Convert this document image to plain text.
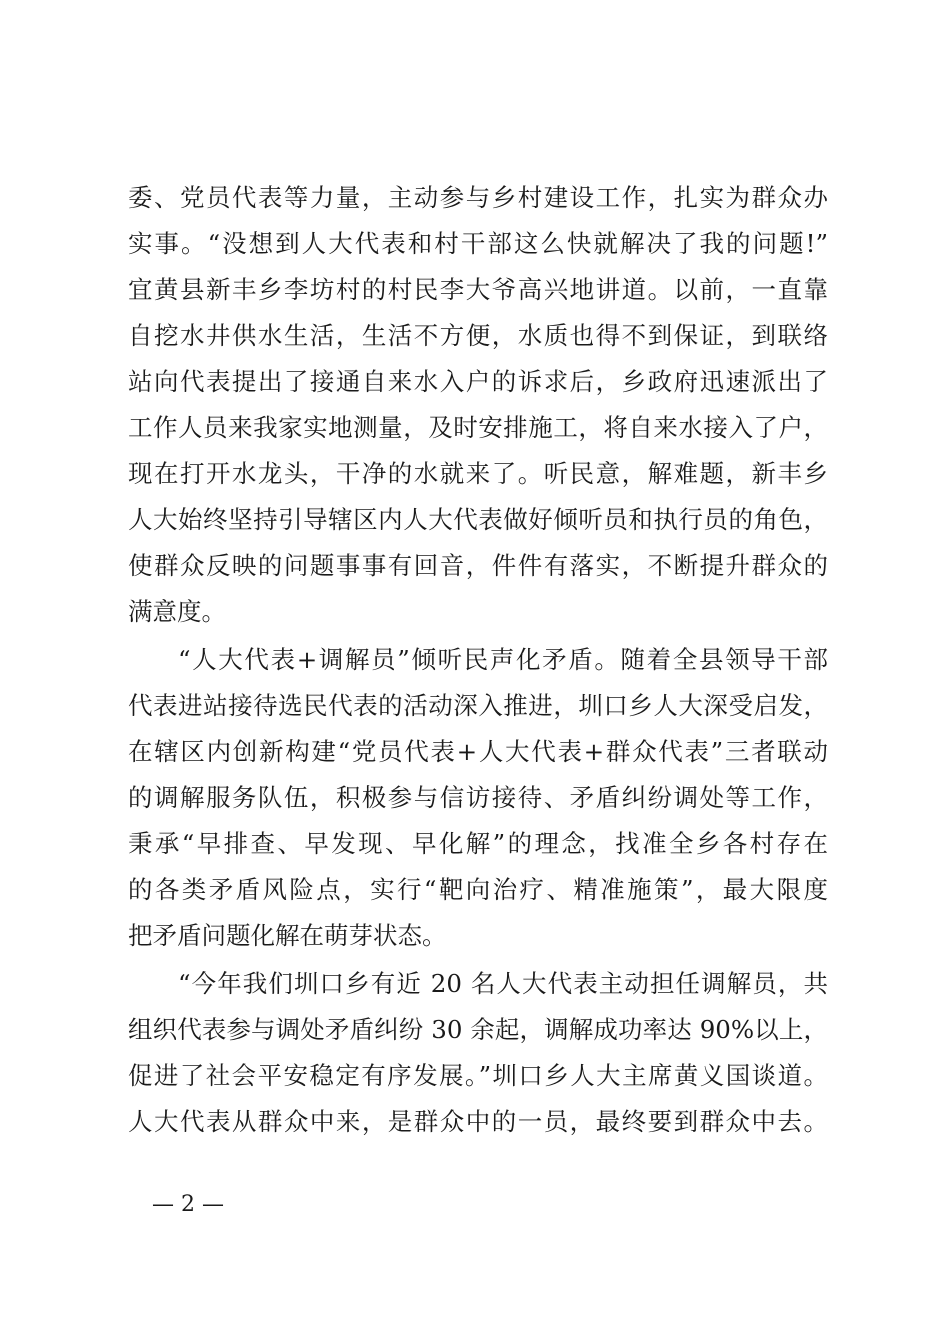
委、党员代表等力量，主动参与乡村建设工作，扎实为群众办
实事。“没想到人大代表和村干部这么快就解决了我的问题!”
宜黄县新丰乡李坊村的村民李大爷高兴地讲道。以前，一直靠
自挖水井供水生活，生活不方便，水质也得不到保证，到联络
站向代表提出了接通自来水入户的诉求后，乡政府迅速派出了
工作人员来我家实地测量，及时安排施工，将自来水接入了户，
现在打开水龙头，干净的水就来了。听民意，解难题，新丰乡
人大始终坚持引导辖区内人大代表做好倾听员和执行员的角色，
使群众反映的问题事事有回音，件件有落实，不断提升群众的
满意度。
“人大代表+调解员”倾听民声化矛盾。随着全县领导干部
代表进站接待选民代表的活动深入推进，圳口乡人大深受启发，
在辖区内创新构建“党员代表+人大代表+群众代表”三者联动
的调解服务队伍，积极参与信访接待、矛盾纠纷调处等工作，
秉承“早排查、早发现、早化解”的理念，找准全乡各村存在
的各类矛盾风险点，实行“靶向治疗、精准施策”，最大限度
把矛盾问题化解在萌芽状态。
“今年我们圳口乡有近 20 名人大代表主动担任调解员，共
组织代表参与调处矛盾纠纷 30 余起，调解成功率达 90%以上，
促进了社会平安稳定有序发展。”圳口乡人大主席黄义国谈道。
人大代表从群众中来，是群众中的一员，最终要到群众中去。
— 2 —
